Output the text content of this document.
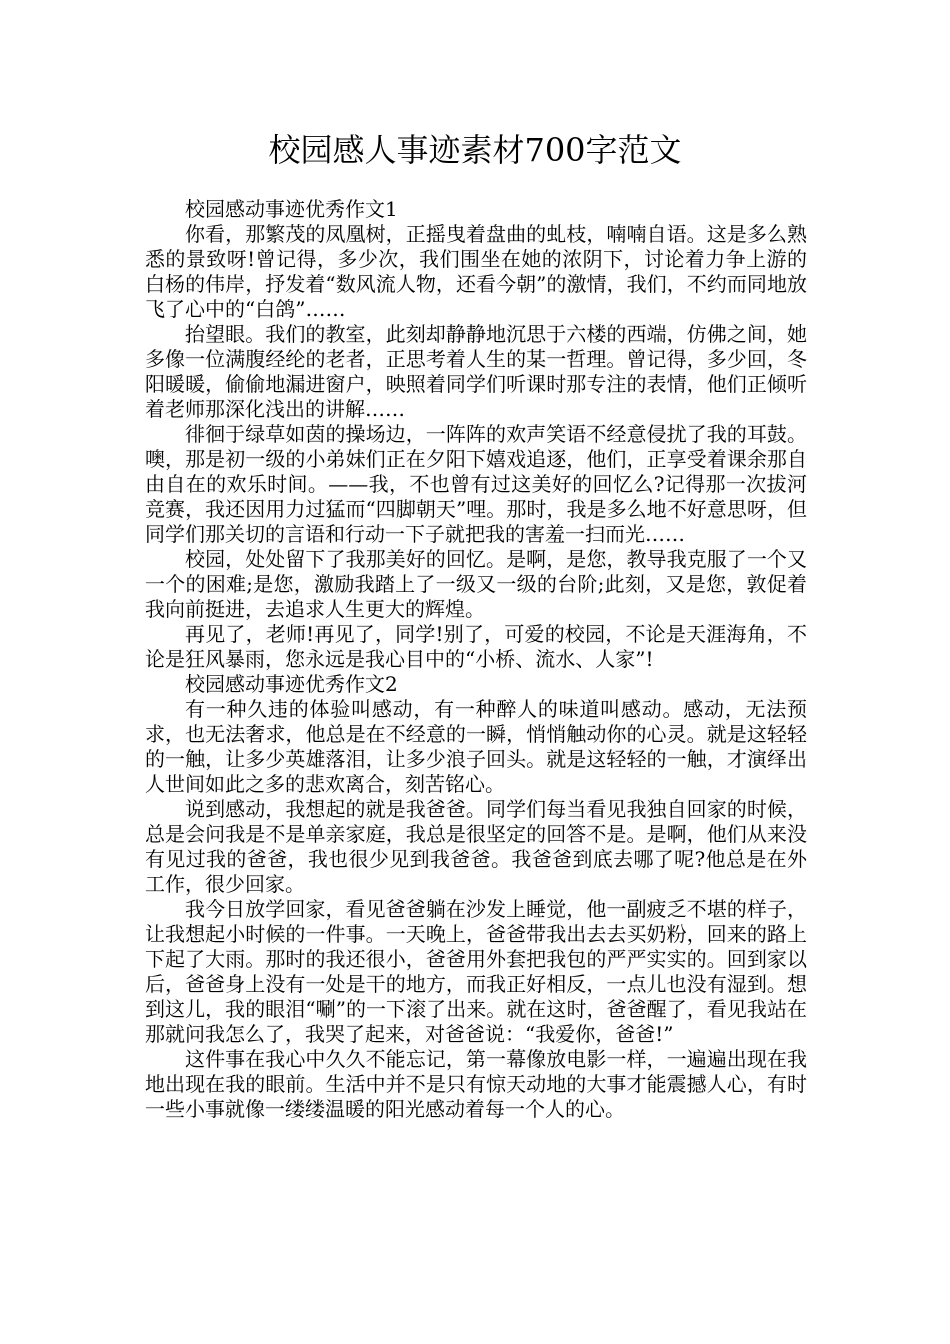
校园感人事迹素材700字范文

校园感动事迹优秀作文1

你看，那繁茂的凤凰树，正摇曳着盘曲的虬枝，喃喃自语。这是多么熟悉的景致呀!曾记得，多少次，我们围坐在她的浓阴下，讨论着力争上游的白杨的伟岸，抒发着“数风流人物，还看今朝”的激情，我们，不约而同地放飞了心中的“白鸽”……

抬望眼。我们的教室，此刻却静静地沉思于六楼的西端，仿佛之间，她多像一位满腹经纶的老者，正思考着人生的某一哲理。曾记得，多少回，冬阳暖暖，偷偷地漏进窗户，映照着同学们听课时那专注的表情，他们正倾听着老师那深化浅出的讲解……

徘徊于绿草如茵的操场边，一阵阵的欢声笑语不经意侵扰了我的耳鼓。噢，那是初一级的小弟妹们正在夕阳下嬉戏追逐，他们，正享受着课余那自由自在的欢乐时间。——我，不也曾有过这美好的回忆么?记得那一次拔河竞赛，我还因用力过猛而“四脚朝天”哩。那时，我是多么地不好意思呀，但同学们那关切的言语和行动一下子就把我的害羞一扫而光……

校园，处处留下了我那美好的回忆。是啊，是您，教导我克服了一个又一个的困难;是您，激励我踏上了一级又一级的台阶;此刻，又是您，敦促着我向前挺进，去追求人生更大的辉煌。

再见了，老师!再见了，同学!别了，可爱的校园，不论是天涯海角，不论是狂风暴雨，您永远是我心目中的“小桥、流水、人家”!

校园感动事迹优秀作文2

有一种久违的体验叫感动，有一种醉人的味道叫感动。感动，无法预求，也无法奢求，他总是在不经意的一瞬，悄悄触动你的心灵。就是这轻轻的一触，让多少英雄落泪，让多少浪子回头。就是这轻轻的一触，才演绎出人世间如此之多的悲欢离合，刻苦铭心。

说到感动，我想起的就是我爸爸。同学们每当看见我独自回家的时候，总是会问我是不是单亲家庭，我总是很坚定的回答不是。是啊，他们从来没有见过我的爸爸，我也很少见到我爸爸。我爸爸到底去哪了呢?他总是在外工作，很少回家。

我今日放学回家，看见爸爸躺在沙发上睡觉，他一副疲乏不堪的样子，让我想起小时候的一件事。一天晚上，爸爸带我出去去买奶粉，回来的路上下起了大雨。那时的我还很小，爸爸用外套把我包的严严实实的。回到家以后，爸爸身上没有一处是干的地方，而我正好相反，一点儿也没有湿到。想到这儿，我的眼泪“唰”的一下滚了出来。就在这时，爸爸醒了，看见我站在那就问我怎么了，我哭了起来，对爸爸说：“我爱你，爸爸!”

这件事在我心中久久不能忘记，第一幕像放电影一样，一遍遍出现在我地出现在我的眼前。生活中并不是只有惊天动地的大事才能震撼人心，有时一些小事就像一缕缕温暖的阳光感动着每一个人的心。
